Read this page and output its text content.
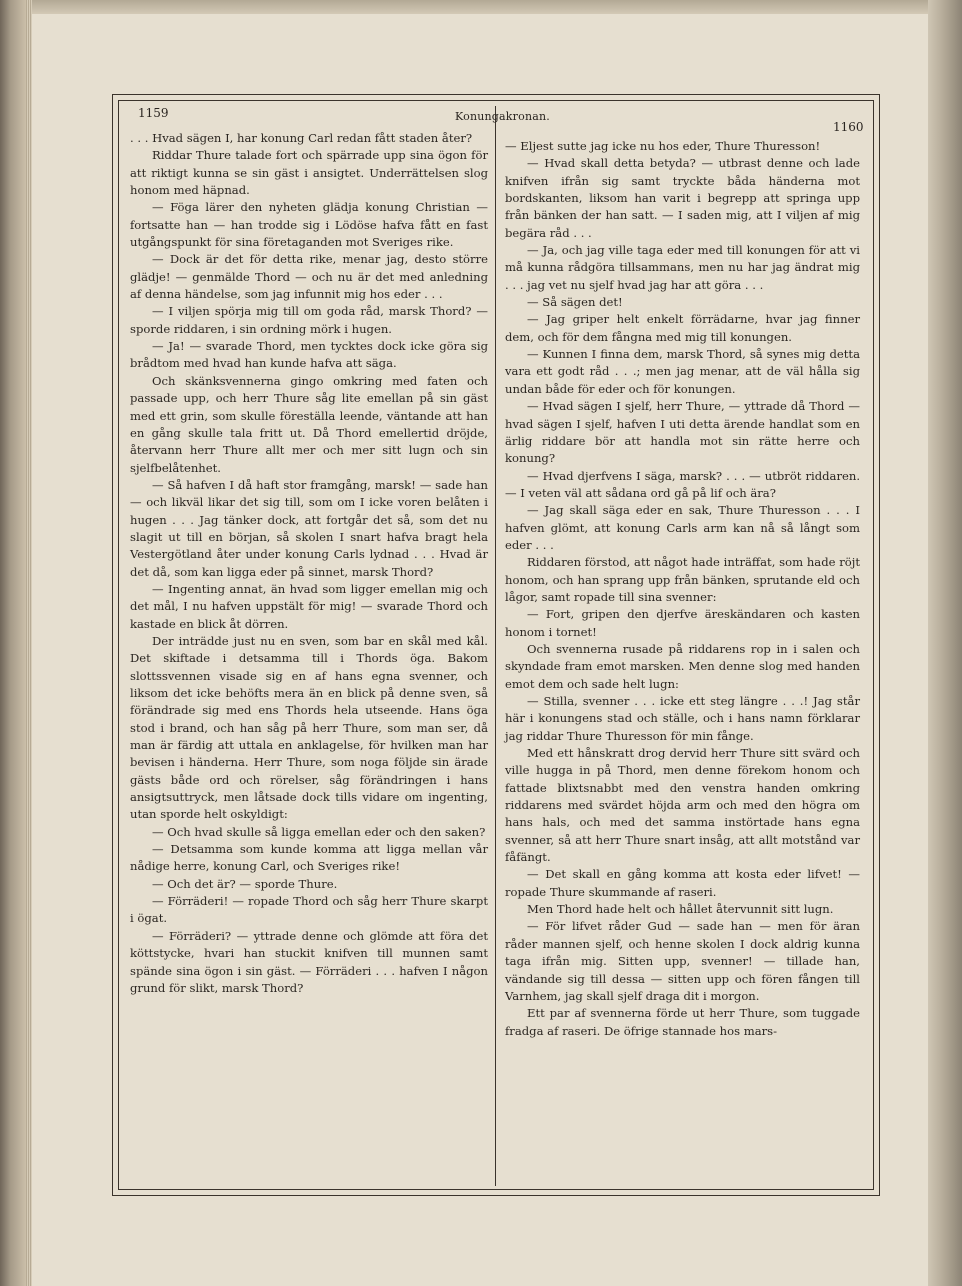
1159	Konungakronan.
1160

. . . Hvad sägen I, har konung Carl redan fått staden åter?

Riddar Thure talade fort och spärrade upp sina ögon för att riktigt kunna se sin gäst i ansigtet. Underrättelsen slog honom med häpnad.

— Föga lärer den nyheten glädja konung Christian — fortsatte han — han trodde sig i Lödöse hafva fått en fast utgångspunkt för sina företaganden mot Sveriges rike.

— Dock är det för detta rike, menar jag, desto större glädje! — genmälde Thord — och nu är det med anledning af denna händelse, som jag infunnit mig hos eder . . .

— I viljen spörja mig till om goda råd, marsk Thord? — sporde riddaren, i sin ordning mörk i hugen.

— Ja! — svarade Thord, men tycktes dock icke göra sig brådtom med hvad han kunde hafva att säga.

Och skänksvennerna gingo omkring med faten och passade upp, och herr Thure såg lite emellan på sin gäst med ett grin, som skulle föreställa leende, väntande att han en gång skulle tala fritt ut. Då Thord emellertid dröjde, återvann herr Thure allt mer och mer sitt lugn och sin sjelfbelåtenhet.

— Så hafven I då haft stor framgång, marsk! — sade han — och likväl likar det sig till, som om I icke voren belåten i hugen . . . Jag tänker dock, att fortgår det så, som det nu slagit ut till en början, så skolen I snart hafva bragt hela Vestergötland åter under konung Carls lydnad . . . Hvad är det då, som kan ligga eder på sinnet, marsk Thord?

— Ingenting annat, än hvad som ligger emellan mig och det mål, I nu hafven uppstält för mig! — svarade Thord och kastade en blick åt dörren.

Der inträdde just nu en sven, som bar en skål med kål. Det skiftade i detsamma till i Thords öga. Bakom slottssvennen visade sig en af hans egna svenner, och liksom det icke behöfts mera än en blick på denne sven, så förändrade sig med ens Thords hela utseende. Hans öga stod i brand, och han såg på herr Thure, som man ser, då man är färdig att uttala en anklagelse, för hvilken man har bevisen i händerna. Herr Thure, som noga följde sin ärade gästs både ord och rörelser, såg förändringen i hans ansigtsuttryck, men låtsade dock tills vidare om ingenting, utan sporde helt oskyldigt:

— Och hvad skulle så ligga emellan eder och den saken?

— Detsamma som kunde komma att ligga mellan vår nådige herre, konung Carl, och Sveriges rike!

— Och det är? — sporde Thure.

— Förräderi! — ropade Thord och såg herr Thure skarpt i ögat.

— Förräderi? — yttrade denne och glömde att föra det köttstycke, hvari han stuckit knifven till munnen samt spände sina ögon i sin gäst. — Förräderi . . . hafven I någon grund för slikt, marsk Thord?

— Eljest sutte jag icke nu hos eder, Thure Thuresson!

— Hvad skall detta betyda? — utbrast denne och lade knifven ifrån sig samt tryckte båda händerna mot bordskanten, liksom han varit i begrepp att springa upp från bänken der han satt. — I saden mig, att I viljen af mig begära råd . . .

— Ja, och jag ville taga eder med till konungen för att vi må kunna rådgöra tillsammans, men nu har jag ändrat mig . . . jag vet nu sjelf hvad jag har att göra . . .

— Så sägen det!

— Jag griper helt enkelt förrädarne, hvar jag finner dem, och för dem fångna med mig till konungen.

— Kunnen I finna dem, marsk Thord, så synes mig detta vara ett godt råd . . .; men jag menar, att de väl hålla sig undan både för eder och för konungen.

— Hvad sägen I sjelf, herr Thure, — yttrade då Thord — hvad sägen I sjelf, hafven I uti detta ärende handlat som en ärlig riddare bör att handla mot sin rätte herre och konung?

— Hvad djerfvens I säga, marsk? . . . — utbröt riddaren. — I veten väl att sådana ord gå på lif och ära?

— Jag skall säga eder en sak, Thure Thuresson . . . I hafven glömt, att konung Carls arm kan nå så långt som eder . . .

Riddaren förstod, att något hade inträffat, som hade röjt honom, och han sprang upp från bänken, sprutande eld och lågor, samt ropade till sina svenner:

— Fort, gripen den djerfve äreskändaren och kasten honom i tornet!

Och svennerna rusade på riddarens rop in i salen och skyndade fram emot marsken. Men denne slog med handen emot dem och sade helt lugn:

— Stilla, svenner . . . icke ett steg längre . . .! Jag står här i konungens stad och ställe, och i hans namn förklarar jag riddar Thure Thuresson för min fånge.

Med ett hånskratt drog dervid herr Thure sitt svärd och ville hugga in på Thord, men denne förekom honom och fattade blixtsnabbt med den venstra handen omkring riddarens med svärdet höjda arm och med den högra om hans hals, och med det samma instörtade hans egna svenner, så att herr Thure snart insåg, att allt motstånd var fåfängt.

— Det skall en gång komma att kosta eder lifvet! — ropade Thure skummande af raseri.

Men Thord hade helt och hållet återvunnit sitt lugn.

— För lifvet råder Gud — sade han — men för äran råder mannen sjelf, och henne skolen I dock aldrig kunna taga ifrån mig. Sitten upp, svenner! — tillade han, vändande sig till dessa — sitten upp och fören fången till Varnhem, jag skall sjelf draga dit i morgon.

Ett par af svennerna förde ut herr Thure, som tuggade fradga af raseri. De öfrige stannade hos mars-
